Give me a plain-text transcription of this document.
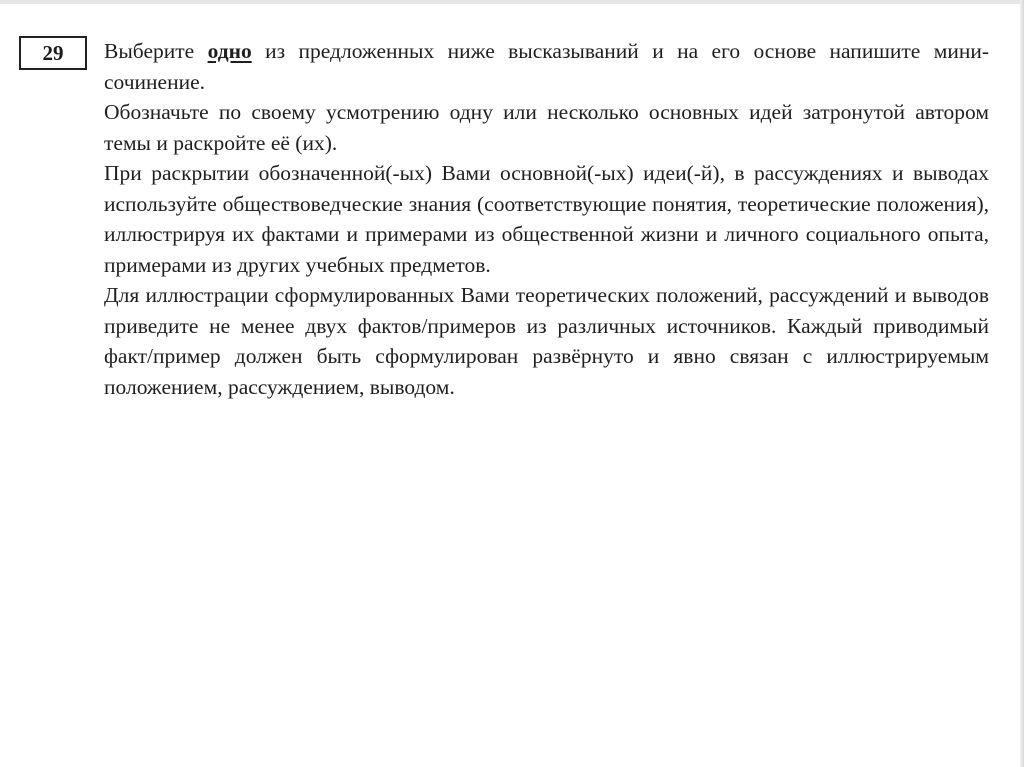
29 Выберите одно из предложенных ниже высказываний и на его основе напишите мини-сочинение.

Обозначьте по своему усмотрению одну или несколько основных идей затронутой автором темы и раскройте её (их).

При раскрытии обозначенной(-ых) Вами основной(-ых) идеи(-й), в рассуждениях и выводах используйте обществоведческие знания (соответствующие понятия, теоретические положения), иллюстрируя их фактами и примерами из общественной жизни и личного социального опыта, примерами из других учебных предметов.

Для иллюстрации сформулированных Вами теоретических положений, рассуждений и выводов приведите не менее двух фактов/примеров из различных источников. Каждый приводимый факт/пример должен быть сформулирован развёрнуто и явно связан с иллюстрируемым положением, рассуждением, выводом.
